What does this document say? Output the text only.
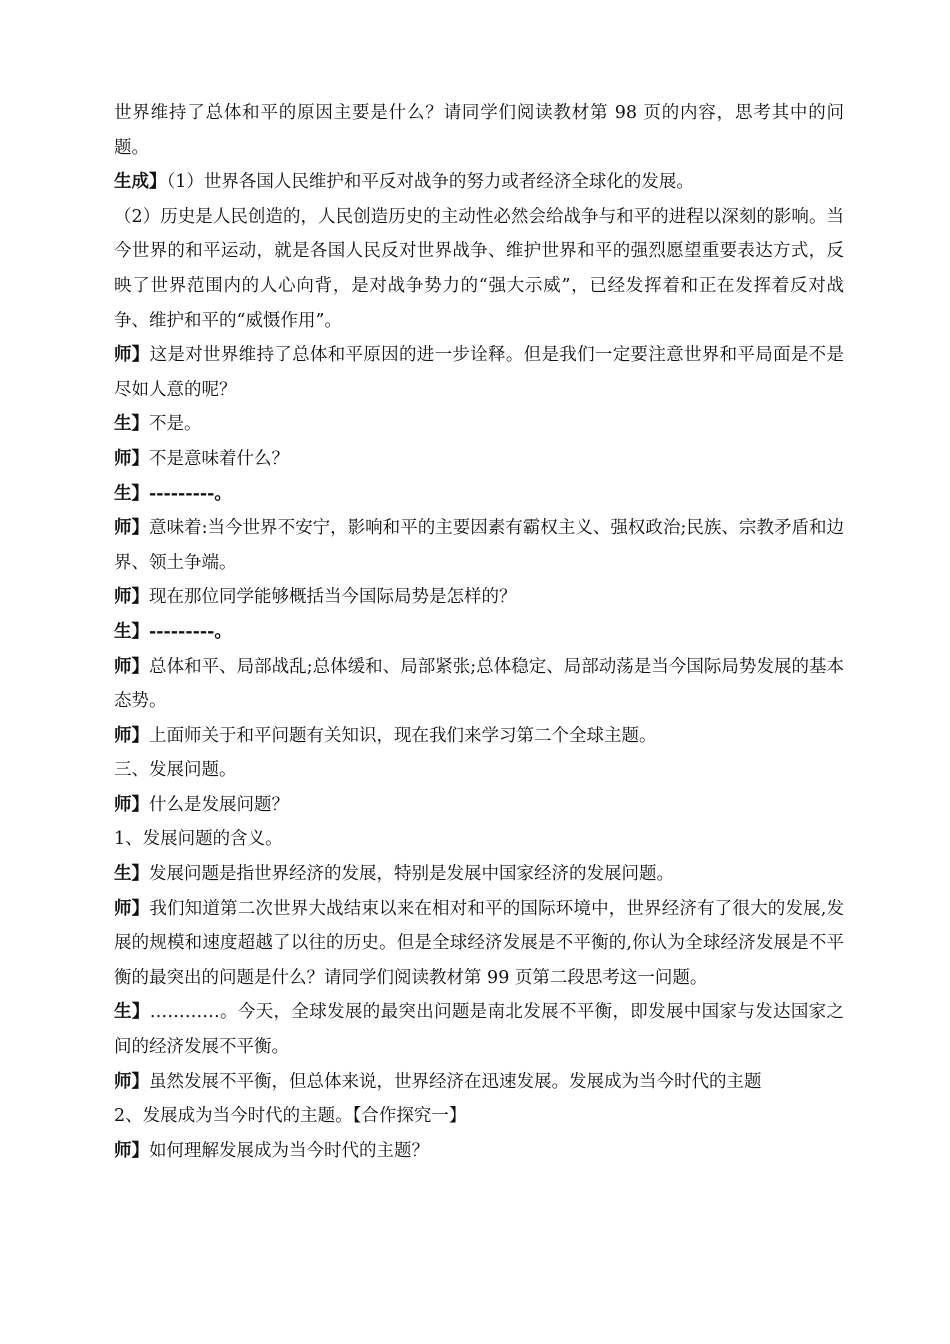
世界维持了总体和平的原因主要是什么？请同学们阅读教材第 98 页的内容，思考其中的问题。

生成】（1）世界各国人民维护和平反对战争的努力或者经济全球化的发展。

（2）历史是人民创造的，人民创造历史的主动性必然会给战争与和平的进程以深刻的影响。当今世界的和平运动，就是各国人民反对世界战争、维护世界和平的强烈愿望重要表达方式，反映了世界范围内的人心向背，是对战争势力的“强大示威”，已经发挥着和正在发挥着反对战争、维护和平的“威慑作用”。

师】这是对世界维持了总体和平原因的进一步诠释。但是我们一定要注意世界和平局面是不是尽如人意的呢？

生】不是。

师】不是意味着什么？

生】---------。

师】意味着:当今世界不安宁，影响和平的主要因素有霸权主义、强权政治;民族、宗教矛盾和边界、领土争端。

师】现在那位同学能够概括当今国际局势是怎样的？

生】---------。

师】总体和平、局部战乱;总体缓和、局部紧张;总体稳定、局部动荡是当今国际局势发展的基本态势。

师】上面师关于和平问题有关知识，现在我们来学习第二个全球主题。

三、发展问题。

师】什么是发展问题？

1、发展问题的含义。

生】发展问题是指世界经济的发展，特别是发展中国家经济的发展问题。

师】我们知道第二次世界大战结束以来在相对和平的国际环境中，世界经济有了很大的发展,发展的规模和速度超越了以往的历史。但是全球经济发展是不平衡的,你认为全球经济发展是不平衡的最突出的问题是什么？请同学们阅读教材第 99 页第二段思考这一问题。

生】…………。今天，全球发展的最突出问题是南北发展不平衡，即发展中国家与发达国家之间的经济发展不平衡。

师】虽然发展不平衡，但总体来说，世界经济在迅速发展。发展成为当今时代的主题

2、发展成为当今时代的主题。【合作探究一】

师】如何理解发展成为当今时代的主题？
